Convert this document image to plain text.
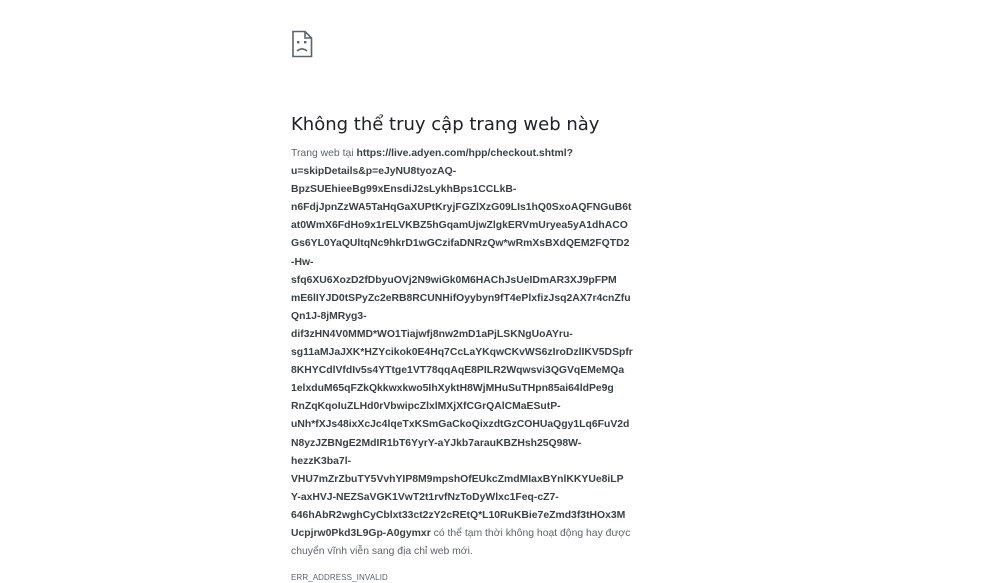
Không thể truy cập trang web này
Trang web tại https://live.adyen.com/hpp/checkout.shtml?
u=skipDetails&p=eJyNU8tyozAQ-
BpzSUEhieeBg99xEnsdiJ2sLykhBps1CCLkB-
n6FdjJpnZzWA5TaHqGaXUPtKryjFGZlXzG09LIs1hQ0SxoAQFNGuB6t
at0WmX6FdHo9x1rELVKBZ5hGqamUjwZlgkERVmUryea5yA1dhACO
Gs6YL0YaQUltqNc9hkrD1wGCzifaDNRzQw*wRmXsBXdQEM2FQTD2
-Hw-
sfq6XU6XozD2fDbyuOVj2N9wiGk0M6HAChJsUeIDmAR3XJ9pFPM
mE6lIYJD0tSPyZc2eRB8RCUNHifOyybyn9fT4ePlxfizJsq2AX7r4cnZfu
Qn1J-8jMRyg3-
dif3zHN4V0MMD*WO1Tiajwfj8nw2mD1aPjLSKNgUoAYru-
sg11aMJaJXK*HZYcikok0E4Hq7CcLaYKqwCKvWS6zIroDzlIKV5DSpfr
8KHYCdlVfdIv5s4YTtge1VT78qqAqE8PILR2Wqwsvi3QGVqEMeMQa
1elxduM65qFZkQkkwxkwo5IhXyktH8WjMHuSuTHpn85ai64ldPe9g
RnZqKqoIuZLHd0rVbwipcZlxlMXjXfCGrQAlCMaESutP-
uNh*fXJs48ixXcJc4lqeTxKSmGaCkoQixzdtGzCOHUaQgy1Lq6FuV2d
N8yzJZBNgE2MdIR1bT6YyrY-aYJkb7arauKBZHsh25Q98W-
hezzK3ba7l-
VHU7mZrZbuTY5VvhYIP8M9mpshOfEUkcZmdMIaxBYnlKKYUe8iLP
Y-axHVJ-NEZSaVGK1VwT2t1rvfNzToDyWlxc1Feq-cZ7-
646hAbR2wghCyCblxt33ct2zY2cREtQ*L10RuKBie7eZmd3f3tHOx3M
Ucpjrw0Pkd3L9Gp-A0gymxr có thể tạm thời không hoạt động hay được chuyển vĩnh viễn sang địa chỉ web mới.
ERR_ADDRESS_INVALID
